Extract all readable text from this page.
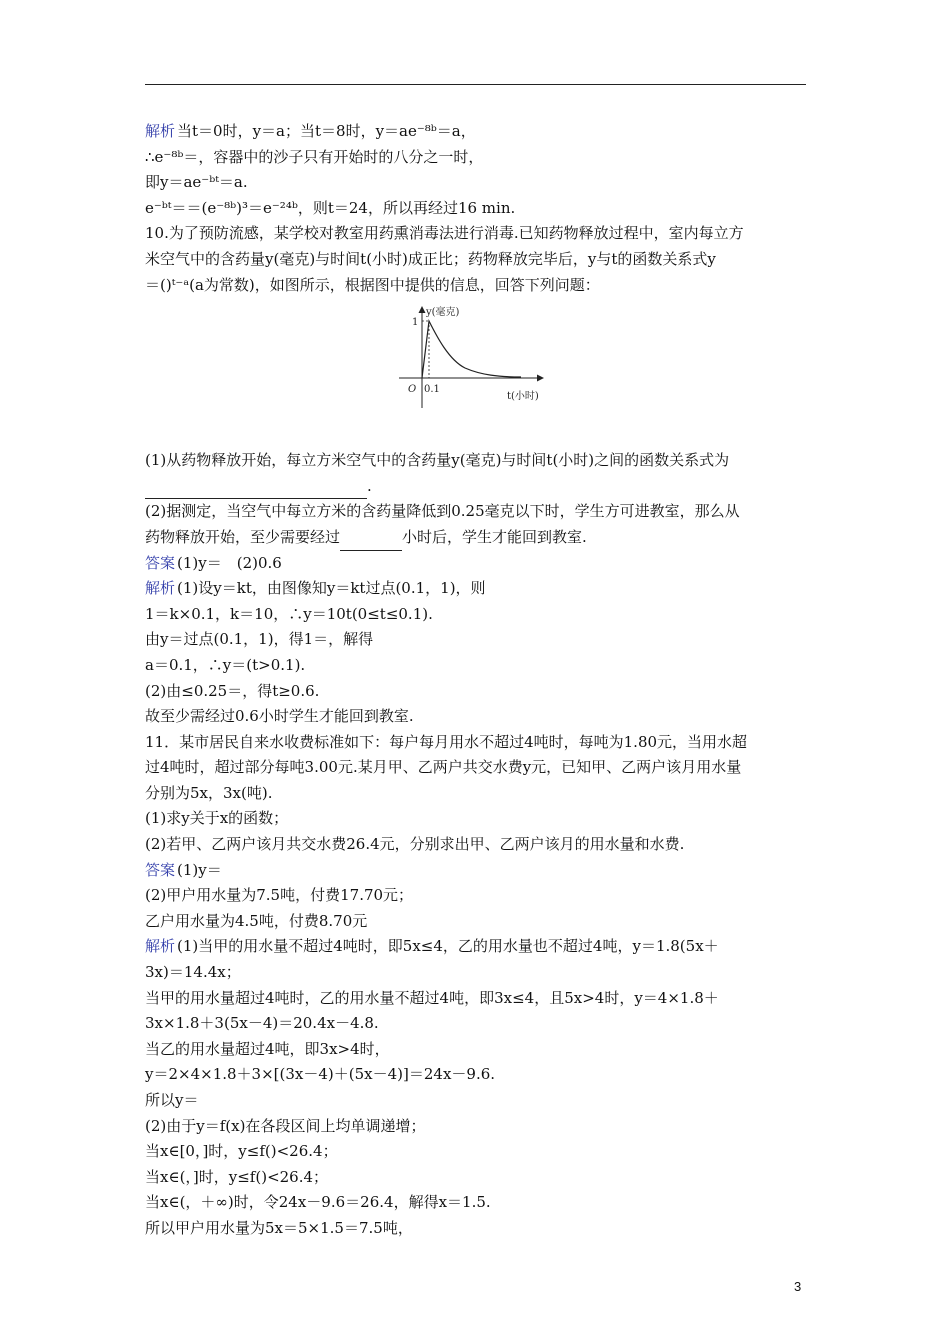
解析 当t＝0时，y＝a；当t＝8时，y＝ae⁻⁸ᵇ＝a，
∴e⁻⁸ᵇ＝，容器中的沙子只有开始时的八分之一时，
即y＝ae⁻ᵇᵗ＝a.
e⁻ᵇᵗ＝＝(e⁻⁸ᵇ)³＝e⁻²⁴ᵇ，则t＝24，所以再经过16 min.
10.为了预防流感，某学校对教室用药熏消毒法进行消毒.已知药物释放过程中，室内每立方
米空气中的含药量y(毫克)与时间t(小时)成正比；药物释放完毕后，y与t的函数关系式y
＝()ᵗ⁻ᵃ(a为常数)，如图所示，根据图中提供的信息，回答下列问题：
y(毫克)
t(小时)
O
1
0.1
(1)从药物释放开始，每立方米空气中的含药量y(毫克)与时间t(小时)之间的函数关系式为
.
(2)据测定，当空气中每立方米的含药量降低到0.25毫克以下时，学生方可进教室，那么从
药物释放开始，至少需要经过	小时后，学生才能回到教室.
答案 (1)y＝　(2)0.6
解析 (1)设y＝kt，由图像知y＝kt过点(0.1，1)，则
1＝k×0.1，k＝10，∴y＝10t(0≤t≤0.1).
由y＝过点(0.1，1)，得1＝，解得
a＝0.1，∴y＝(t>0.1).
(2)由≤0.25＝，得t≥0.6.
故至少需经过0.6小时学生才能回到教室.
11．某市居民自来水收费标准如下：每户每月用水不超过4吨时，每吨为1.80元，当用水超
过4吨时，超过部分每吨3.00元.某月甲、乙两户共交水费y元，已知甲、乙两户该月用水量
分别为5x，3x(吨).
(1)求y关于x的函数；
(2)若甲、乙两户该月共交水费26.4元，分别求出甲、乙两户该月的用水量和水费.
答案 (1)y＝
(2)甲户用水量为7.5吨，付费17.70元；
乙户用水量为4.5吨，付费8.70元
解析 (1)当甲的用水量不超过4吨时，即5x≤4，乙的用水量也不超过4吨，y＝1.8(5x＋
3x)＝14.4x；
当甲的用水量超过4吨时，乙的用水量不超过4吨，即3x≤4，且5x>4时，y＝4×1.8＋
3x×1.8＋3(5x－4)＝20.4x－4.8.
当乙的用水量超过4吨，即3x>4时，
y＝2×4×1.8＋3×[(3x－4)＋(5x－4)]＝24x－9.6.
所以y＝
(2)由于y＝f(x)在各段区间上均单调递增；
当x∈[0，]时，y≤f()<26.4；
当x∈(，]时，y≤f()<26.4；
当x∈(，＋∞)时，令24x－9.6＝26.4，解得x＝1.5.
所以甲户用水量为5x＝5×1.5＝7.5吨，
3
